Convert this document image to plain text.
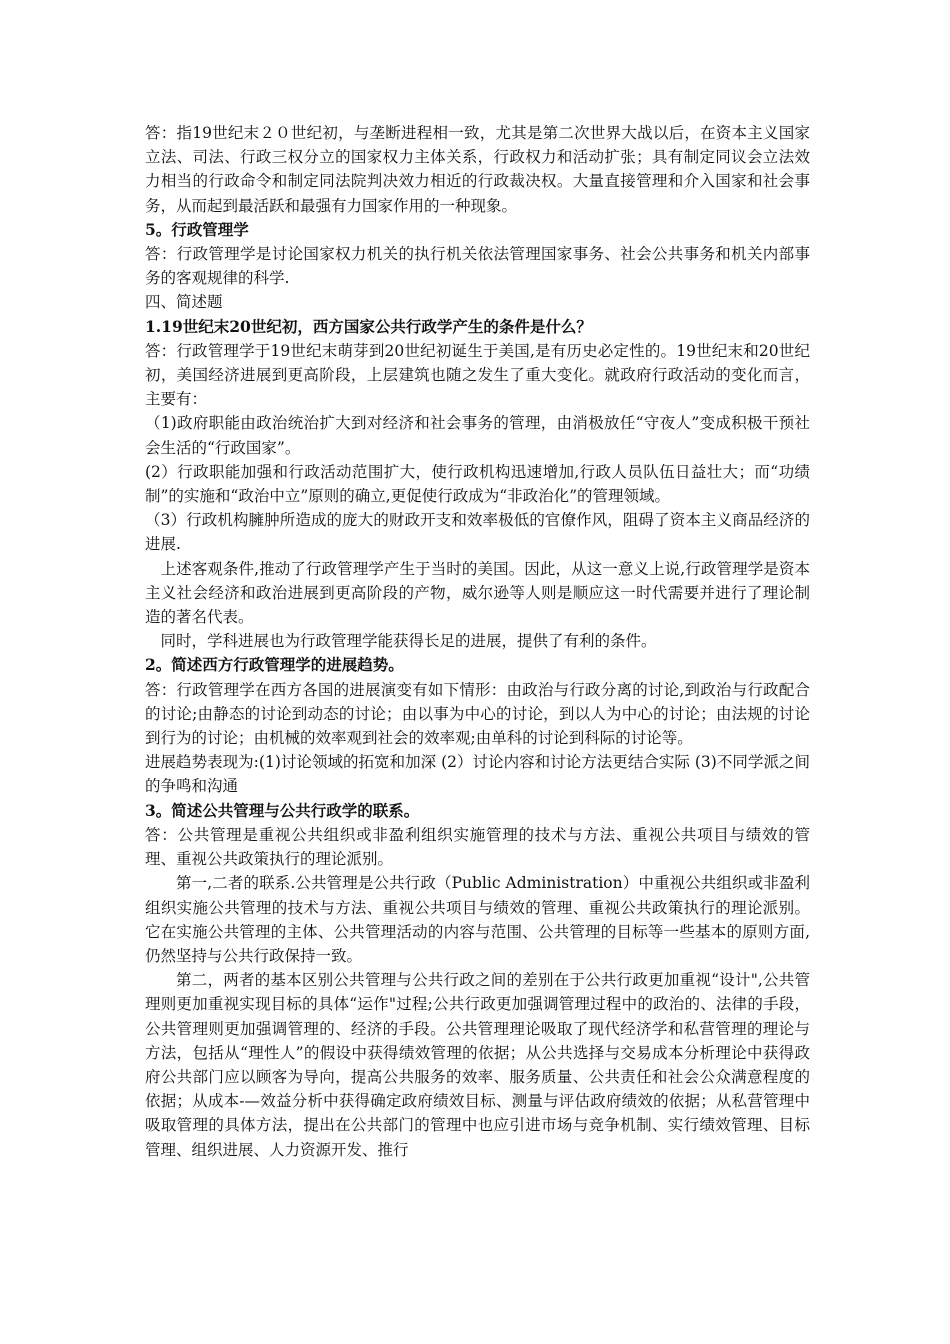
答：指19世纪末２０世纪初，与垄断进程相一致，尤其是第二次世界大战以后，在资本主义国家立法、司法、行政三权分立的国家权力主体关系，行政权力和活动扩张；具有制定同议会立法效力相当的行政命令和制定同法院判决效力相近的行政裁决权。大量直接管理和介入国家和社会事务，从而起到最活跃和最强有力国家作用的一种现象。

5。行政管理学

答：行政管理学是讨论国家权力机关的执行机关依法管理国家事务、社会公共事务和机关内部事务的客观规律的科学.

四、简述题

1.19世纪末20世纪初，西方国家公共行政学产生的条件是什么？

答：行政管理学于19世纪末萌芽到20世纪初诞生于美国,是有历史必定性的。19世纪末和20世纪初，美国经济进展到更高阶段，上层建筑也随之发生了重大变化。就政府行政活动的变化而言，主要有：

（1)政府职能由政治统治扩大到对经济和社会事务的管理，由消极放任“守夜人”变成积极干预社会生活的“行政国家”。

(2）行政职能加强和行政活动范围扩大，使行政机构迅速增加,行政人员队伍日益壮大；而“功绩制”的实施和“政治中立”原则的确立,更促使行政成为“非政治化”的管理领域。

（3）行政机构臃肿所造成的庞大的财政开支和效率极低的官僚作风，阻碍了资本主义商品经济的进展.

上述客观条件,推动了行政管理学产生于当时的美国。因此，从这一意义上说,行政管理学是资本主义社会经济和政治进展到更高阶段的产物，威尔逊等人则是顺应这一时代需要并进行了理论制造的著名代表。

同时，学科进展也为行政管理学能获得长足的进展，提供了有利的条件。

2。简述西方行政管理学的进展趋势。

答：行政管理学在西方各国的进展演变有如下情形：由政治与行政分离的讨论,到政治与行政配合的讨论;由静态的讨论到动态的讨论；由以事为中心的讨论，到以人为中心的讨论；由法规的讨论到行为的讨论；由机械的效率观到社会的效率观;由单科的讨论到科际的讨论等。

进展趋势表现为:(1)讨论领域的拓宽和加深 (2）讨论内容和讨论方法更结合实际 (3)不同学派之间的争鸣和沟通

3。简述公共管理与公共行政学的联系。

答：公共管理是重视公共组织或非盈利组织实施管理的技术与方法、重视公共项目与绩效的管理、重视公共政策执行的理论派别。

第一,二者的联系.公共管理是公共行政（Public Administration）中重视公共组织或非盈利组织实施公共管理的技术与方法、重视公共项目与绩效的管理、重视公共政策执行的理论派别。它在实施公共管理的主体、公共管理活动的内容与范围、公共管理的目标等一些基本的原则方面,仍然坚持与公共行政保持一致。

第二，两者的基本区别公共管理与公共行政之间的差别在于公共行政更加重视“设计",公共管理则更加重视实现目标的具体“运作"过程;公共行政更加强调管理过程中的政治的、法律的手段，公共管理则更加强调管理的、经济的手段。公共管理理论吸取了现代经济学和私营管理的理论与方法，包括从“理性人”的假设中获得绩效管理的依据；从公共选择与交易成本分析理论中获得政府公共部门应以顾客为导向，提高公共服务的效率、服务质量、公共责任和社会公众满意程度的依据；从成本-—效益分析中获得确定政府绩效目标、测量与评估政府绩效的依据；从私营管理中吸取管理的具体方法，提出在公共部门的管理中也应引进市场与竞争机制、实行绩效管理、目标管理、组织进展、人力资源开发、推行
